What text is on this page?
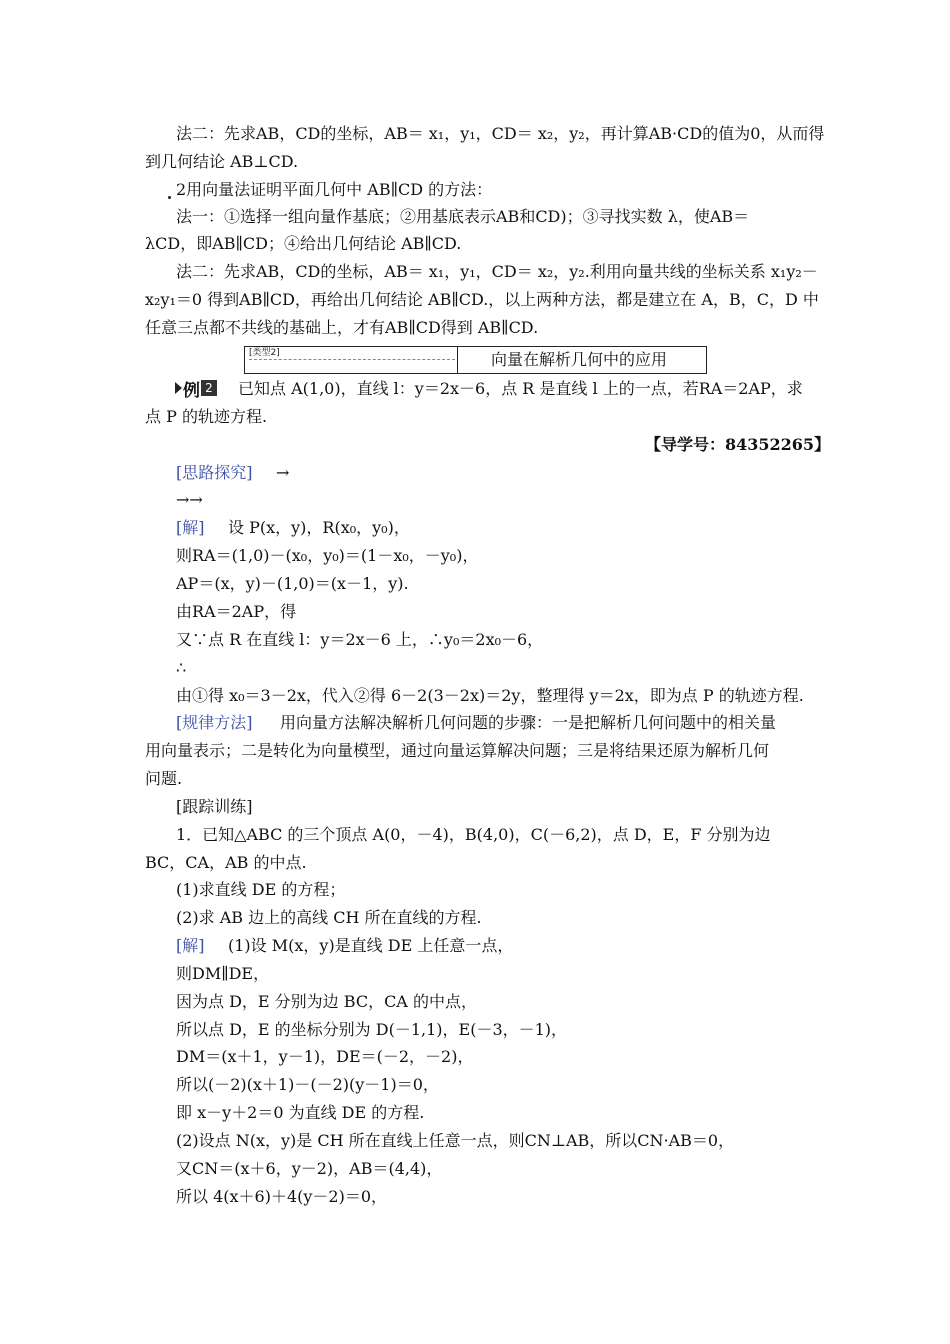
法二：先求AB，CD的坐标，AB＝ x₁，y₁，CD＝ x₂，y₂，再计算AB·CD的值为0，从而得
到几何结论 AB⊥CD.
2用向量法证明平面几何中 AB∥CD 的方法：
法一：①选择一组向量作基底；②用基底表示AB和CD)；③寻找实数 λ，使AB＝
λCD，即AB∥CD；④给出几何结论 AB∥CD.
法二：先求AB，CD的坐标，AB＝ x₁，y₁，CD＝ x₂，y₂.利用向量共线的坐标关系 x₁y₂－
x₂y₁＝0 得到AB∥CD，再给出几何结论 AB∥CD.，以上两种方法，都是建立在 A，B，C，D 中
任意三点都不共线的基础上，才有AB∥CD得到 AB∥CD.
[类型2]	向量在解析几何中的应用
例 2 已知点 A(1,0)，直线 l：y＝2x－6，点 R 是直线 l 上的一点，若RA＝2AP，求
点 P 的轨迹方程.
【导学号：84352265】
[思路探究] →
→→
[解] 设 P(x，y)，R(x₀，y₀)，
则RA＝(1,0)－(x₀，y₀)＝(1－x₀，－y₀)，
AP＝(x，y)－(1,0)＝(x－1，y).
由RA＝2AP，得
又∵点 R 在直线 l：y＝2x－6 上，∴y₀＝2x₀－6，
∴
由①得 x₀＝3－2x，代入②得 6－2(3－2x)＝2y，整理得 y＝2x，即为点 P 的轨迹方程.
[规律方法] 用向量方法解决解析几何问题的步骤：一是把解析几何问题中的相关量
用向量表示；二是转化为向量模型，通过向量运算解决问题；三是将结果还原为解析几何
问题.
[跟踪训练]
1．已知△ABC 的三个顶点 A(0，－4)，B(4,0)，C(－6,2)，点 D，E，F 分别为边
BC，CA，AB 的中点.
(1)求直线 DE 的方程；
(2)求 AB 边上的高线 CH 所在直线的方程.
[解] (1)设 M(x，y)是直线 DE 上任意一点，
则DM∥DE，
因为点 D，E 分别为边 BC，CA 的中点，
所以点 D，E 的坐标分别为 D(－1,1)，E(－3，－1)，
DM＝(x＋1，y－1)，DE＝(－2，－2)，
所以(－2)(x＋1)－(－2)(y－1)＝0，
即 x－y＋2＝0 为直线 DE 的方程.
(2)设点 N(x，y)是 CH 所在直线上任意一点，则CN⊥AB，所以CN·AB＝0，
又CN＝(x＋6，y－2)，AB＝(4,4)，
所以 4(x＋6)＋4(y－2)＝0，
